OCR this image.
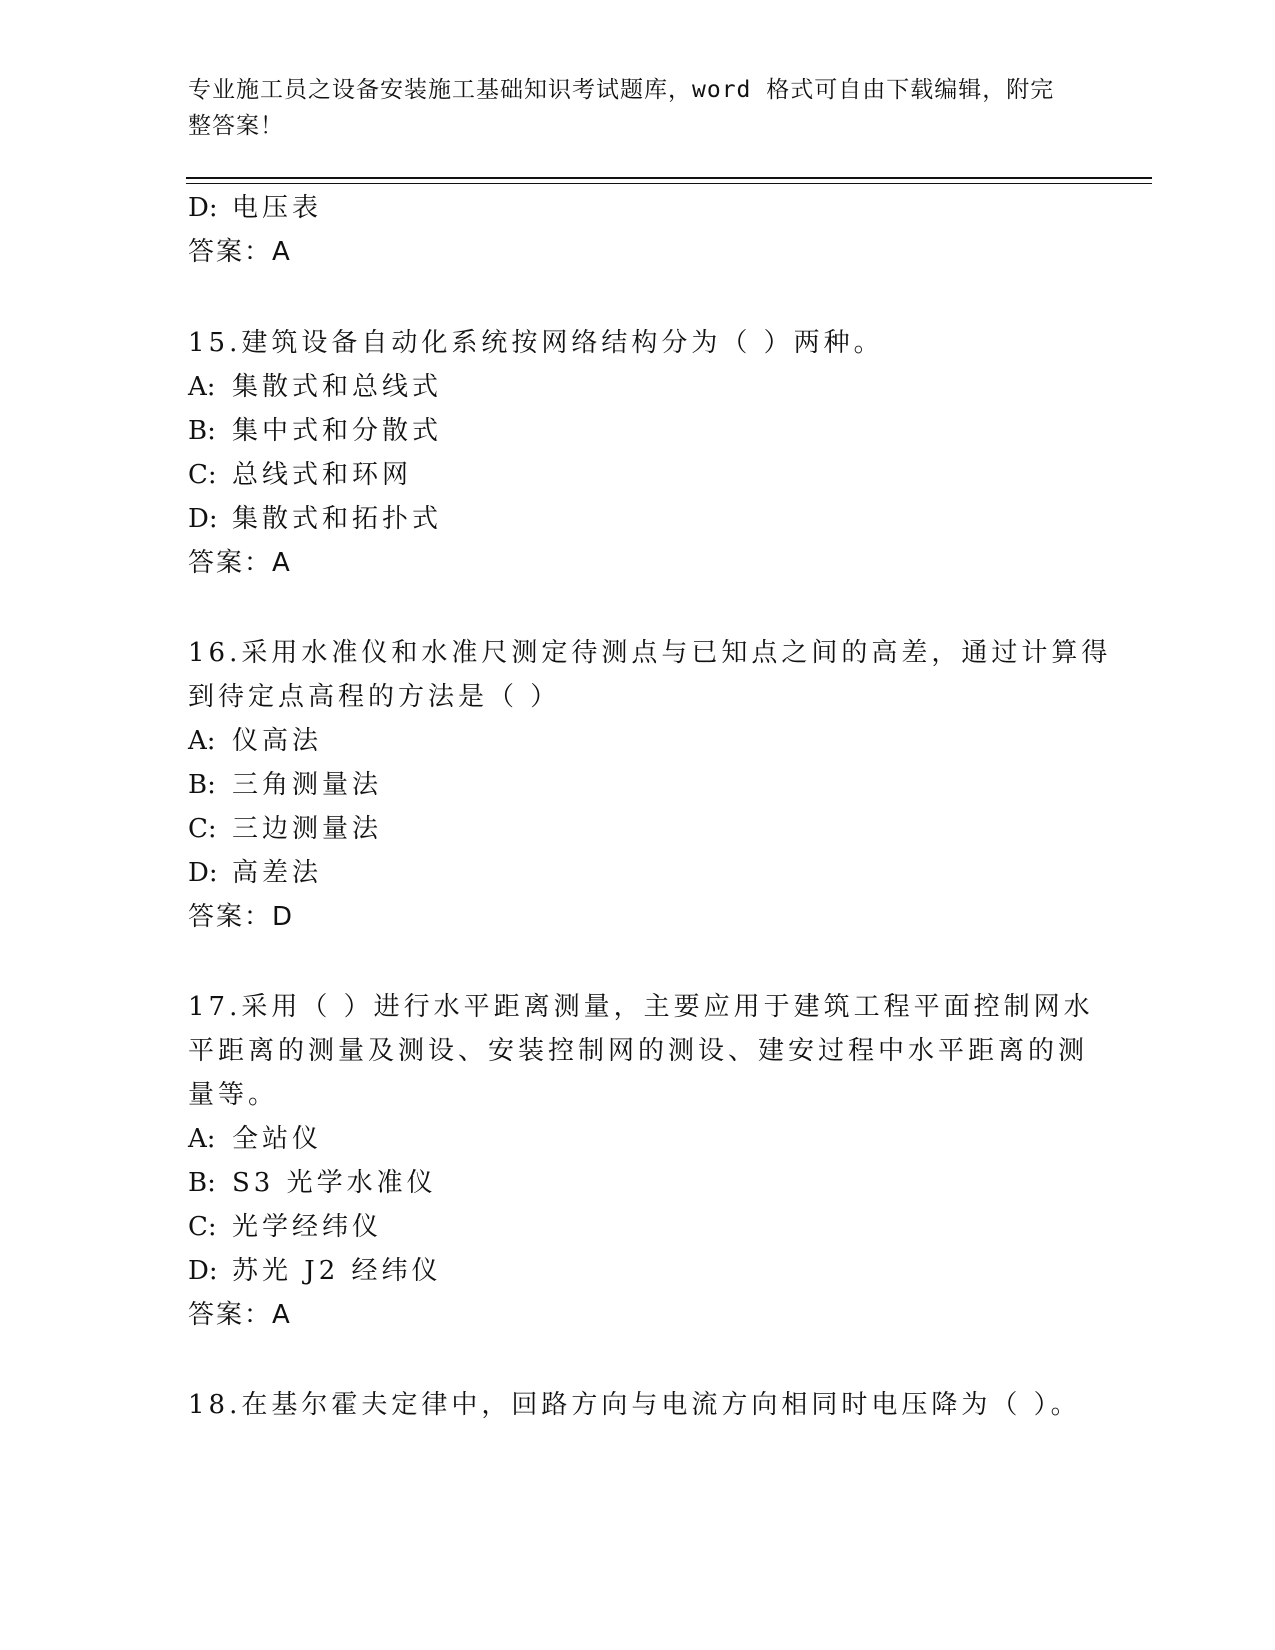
专业施工员之设备安装施工基础知识考试题库，word 格式可自由下载编辑，附完
整答案！
D: 电压表
答案：A
15.建筑设备自动化系统按网络结构分为（ ）两种。
A: 集散式和总线式
B: 集中式和分散式
C: 总线式和环网
D: 集散式和拓扑式
答案：A
16.采用水准仪和水准尺测定待测点与已知点之间的高差，通过计算得
到待定点高程的方法是（ ）
A: 仪高法
B: 三角测量法
C: 三边测量法
D: 高差法
答案：D
17.采用（ ）进行水平距离测量，主要应用于建筑工程平面控制网水
平距离的测量及测设、安装控制网的测设、建安过程中水平距离的测
量等。
A: 全站仪
B: S3 光学水准仪
C: 光学经纬仪
D: 苏光 J2 经纬仪
答案：A
18.在基尔霍夫定律中，回路方向与电流方向相同时电压降为（ ）。
